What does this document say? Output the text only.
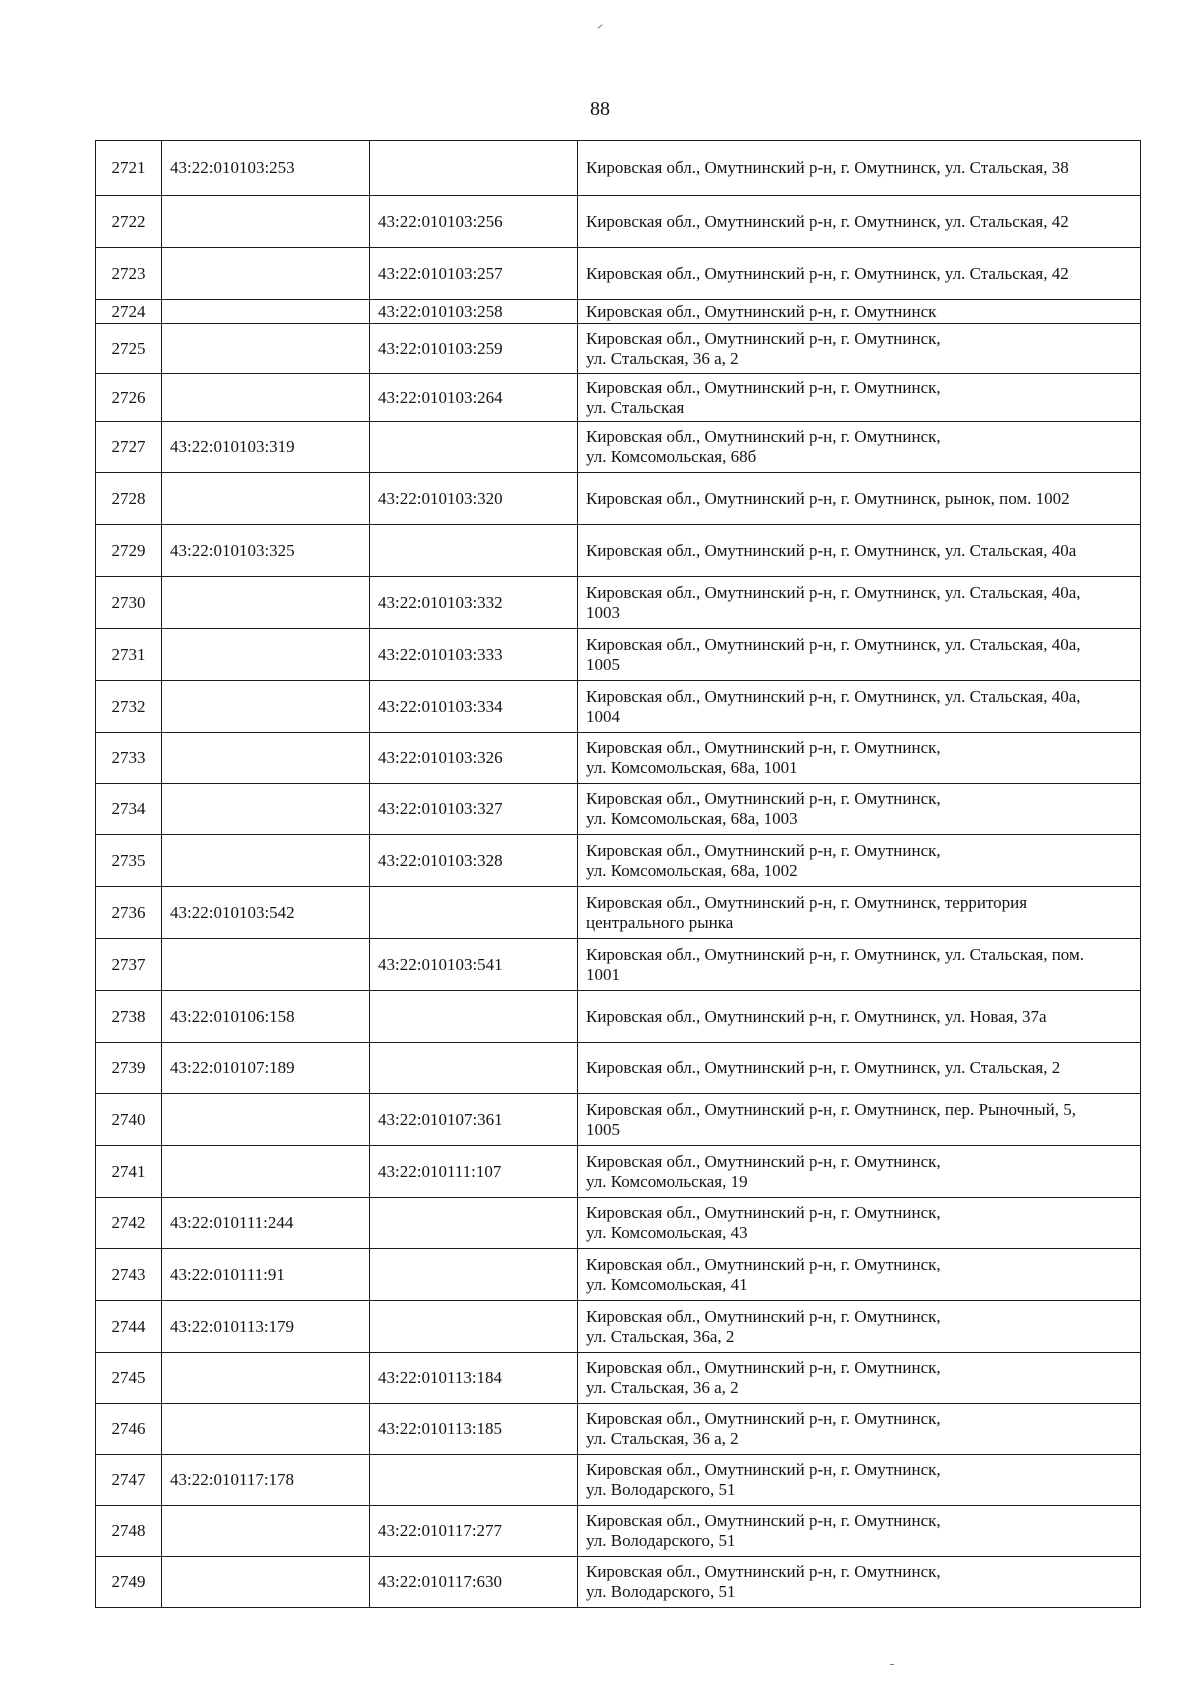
88
2721	43:22:010103:253		Кировская обл., Омутнинский р-н, г. Омутнинск, ул. Стальская, 38
2722		43:22:010103:256	Кировская обл., Омутнинский р-н, г. Омутнинск, ул. Стальская, 42
2723		43:22:010103:257	Кировская обл., Омутнинский р-н, г. Омутнинск, ул. Стальская, 42
2724		43:22:010103:258	Кировская обл., Омутнинский р-н, г. Омутнинск
2725		43:22:010103:259	Кировская обл., Омутнинский р-н, г. Омутнинск,
ул. Стальская, 36 а, 2
2726		43:22:010103:264	Кировская обл., Омутнинский р-н, г. Омутнинск,
ул. Стальская
2727	43:22:010103:319		Кировская обл., Омутнинский р-н, г. Омутнинск,
ул. Комсомольская, 68б
2728		43:22:010103:320	Кировская обл., Омутнинский р-н, г. Омутнинск, рынок, пом. 1002
2729	43:22:010103:325		Кировская обл., Омутнинский р-н, г. Омутнинск, ул. Стальская, 40а
2730		43:22:010103:332	Кировская обл., Омутнинский р-н, г. Омутнинск, ул. Стальская, 40а,
1003
2731		43:22:010103:333	Кировская обл., Омутнинский р-н, г. Омутнинск, ул. Стальская, 40а,
1005
2732		43:22:010103:334	Кировская обл., Омутнинский р-н, г. Омутнинск, ул. Стальская, 40а,
1004
2733		43:22:010103:326	Кировская обл., Омутнинский р-н, г. Омутнинск,
ул. Комсомольская, 68а, 1001
2734		43:22:010103:327	Кировская обл., Омутнинский р-н, г. Омутнинск,
ул. Комсомольская, 68а, 1003
2735		43:22:010103:328	Кировская обл., Омутнинский р-н, г. Омутнинск,
ул. Комсомольская, 68а, 1002
2736	43:22:010103:542		Кировская обл., Омутнинский р-н, г. Омутнинск, территория
центрального рынка
2737		43:22:010103:541	Кировская обл., Омутнинский р-н, г. Омутнинск, ул. Стальская, пом.
1001
2738	43:22:010106:158		Кировская обл., Омутнинский р-н, г. Омутнинск, ул. Новая, 37а
2739	43:22:010107:189		Кировская обл., Омутнинский р-н, г. Омутнинск, ул. Стальская, 2
2740		43:22:010107:361	Кировская обл., Омутнинский р-н, г. Омутнинск, пер. Рыночный, 5,
1005
2741		43:22:010111:107	Кировская обл., Омутнинский р-н, г. Омутнинск,
ул. Комсомольская, 19
2742	43:22:010111:244		Кировская обл., Омутнинский р-н, г. Омутнинск,
ул. Комсомольская, 43
2743	43:22:010111:91		Кировская обл., Омутнинский р-н, г. Омутнинск,
ул. Комсомольская, 41
2744	43:22:010113:179		Кировская обл., Омутнинский р-н, г. Омутнинск,
ул. Стальская, 36а, 2
2745		43:22:010113:184	Кировская обл., Омутнинский р-н, г. Омутнинск,
ул. Стальская, 36 а, 2
2746		43:22:010113:185	Кировская обл., Омутнинский р-н, г. Омутнинск,
ул. Стальская, 36 а, 2
2747	43:22:010117:178		Кировская обл., Омутнинский р-н, г. Омутнинск,
ул. Володарского, 51
2748		43:22:010117:277	Кировская обл., Омутнинский р-н, г. Омутнинск,
ул. Володарского, 51
2749		43:22:010117:630	Кировская обл., Омутнинский р-н, г. Омутнинск,
ул. Володарского, 51
